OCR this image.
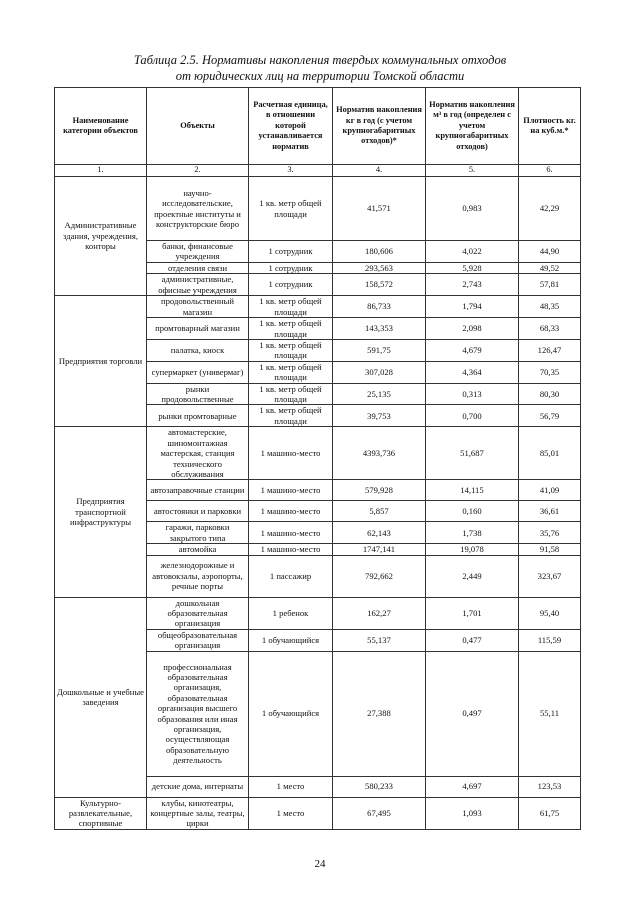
Таблица 2.5. Нормативы накопления твердых коммунальных отходов
от юридических лиц на территории Томской области
Наименование категории объектов	Объекты	Расчетная единица, в отношении которой устанавливается норматив	Норматив накопления кг в год (с учетом крупногабаритных отходов)*	Норматив накопления м³ в год (определен с учетом крупногабаритных отходов)	Плотность кг. на куб.м.*
1.	2.	3.	4.	5.	6.
Административные здания, учреждения, конторы	научно-исследовательские, проектные институты и конструкторские бюро	1 кв. метр общей площади	41,571	0,983	42,29
	банки, финансовые учреждения	1 сотрудник	180,606	4,022	44,90
	отделения связи	1 сотрудник	293,563	5,928	49,52
	административные, офисные учреждения	1 сотрудник	158,572	2,743	57,81
Предприятия торговли	продовольственный магазин	1 кв. метр общей площади	86,733	1,794	48,35
	промтоварный магазин	1 кв. метр общей площади	143,353	2,098	68,33
	палатка, киоск	1 кв. метр общей площади	591,75	4,679	126,47
	супермаркет (универмаг)	1 кв. метр общей площади	307,028	4,364	70,35
	рынки продовольственные	1 кв. метр общей площади	25,135	0,313	80,30
	рынки промтоварные	1 кв. метр общей площади	39,753	0,700	56,79
Предприятия транспортной инфраструктуры	автомастерские, шиномонтажная мастерская, станция технического обслуживания	1 машино-место	4393,736	51,687	85,01
	автозаправочные станции	1 машино-место	579,928	14,115	41,09
	автостоянки и парковки	1 машино-место	5,857	0,160	36,61
	гаражи, парковки закрытого типа	1 машино-место	62,143	1,738	35,76
	автомойка	1 машино-место	1747,141	19,078	91,58
	железнодорожные и автовокзалы, аэропорты, речные порты	1 пассажир	792,662	2,449	323,67
Дошкольные и учебные заведения	дошкольная образовательная организация	1 ребенок	162,27	1,701	95,40
	общеобразовательная организация	1 обучающийся	55,137	0,477	115,59
	профессиональная образовательная организация, образовательная организация высшего образования или иная организация, осуществляющая образовательную деятельность	1 обучающийся	27,388	0,497	55,11
	детские дома, интернаты	1 место	580,233	4,697	123,53
Культурно-развлекательные, спортивные	клубы, кинотеатры, концертные залы, театры, цирки	1 место	67,495	1,093	61,75
24
